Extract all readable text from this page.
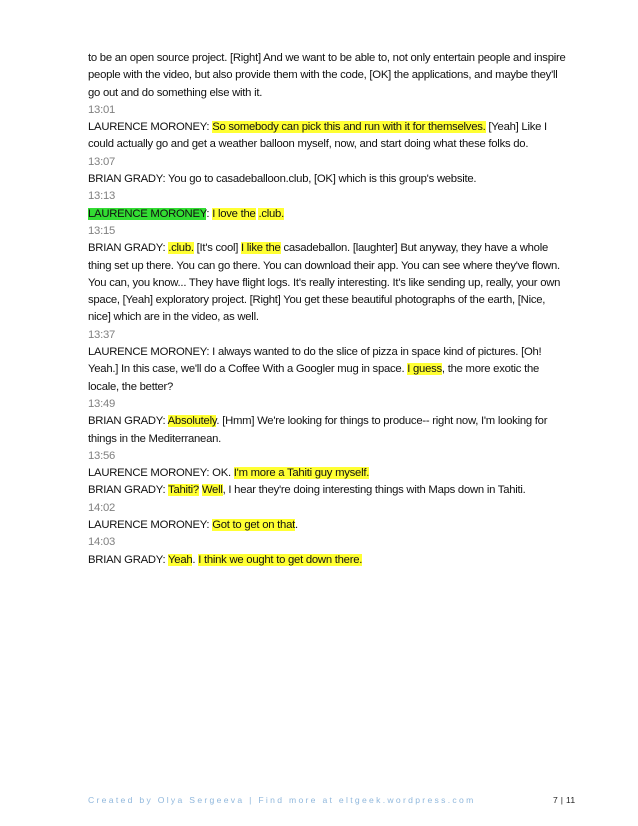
to be an open source project. [Right] And we want to be able to, not only entertain people and inspire people with the video, but also provide them with the code, [OK] the applications, and maybe they'll go out and do something else with it.

13:01

LAURENCE MORONEY: So somebody can pick this and run with it for themselves. [Yeah] Like I could actually go and get a weather balloon myself, now, and start doing what these folks do.

13:07

BRIAN GRADY: You go to casadeballoon.club, [OK] which is this group's website.

13:13

LAURENCE MORONEY: I love the .club.

13:15

BRIAN GRADY: .club. [It's cool] I like the casadeballon. [laughter] But anyway, they have a whole thing set up there. You can go there. You can download their app. You can see where they've flown. You can, you know... They have flight logs. It's really interesting. It's like sending up, really, your own space, [Yeah] exploratory project. [Right] You get these beautiful photographs of the earth, [Nice, nice] which are in the video, as well.

13:37

LAURENCE MORONEY: I always wanted to do the slice of pizza in space kind of pictures. [Oh! Yeah.] In this case, we'll do a Coffee With a Googler mug in space. I guess, the more exotic the locale, the better?

13:49

BRIAN GRADY: Absolutely. [Hmm] We're looking for things to produce-- right now, I'm looking for things in the Mediterranean.

13:56

LAURENCE MORONEY: OK. I'm more a Tahiti guy myself.

BRIAN GRADY: Tahiti? Well, I hear they're doing interesting things with Maps down in Tahiti.

14:02

LAURENCE MORONEY: Got to get on that.

14:03

BRIAN GRADY: Yeah. I think we ought to get down there.

Created by Olya Sergeeva | Find more at eltgeek.wordpress.com	7 | 11
